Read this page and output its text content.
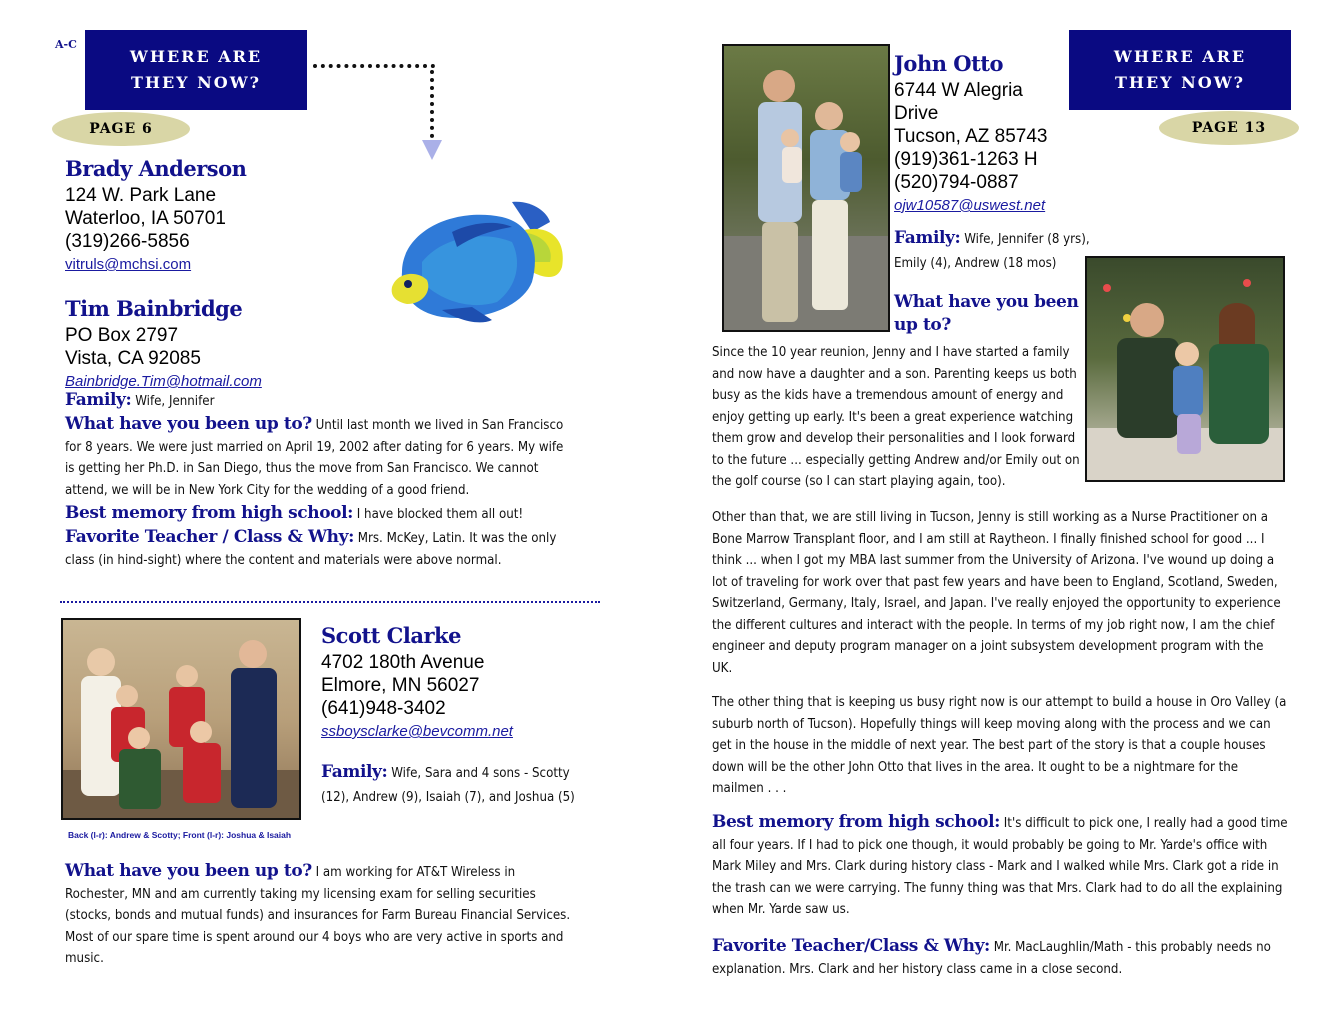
A-C
WHERE ARE
THEY NOW?
PAGE 6
Brady Anderson
124 W. Park Lane
Waterloo, IA 50701
(319)266-5856
vitruls@mchsi.com
Tim Bainbridge
PO Box 2797
Vista, CA 92085
Bainbridge.Tim@hotmail.com
Family: Wife, Jennifer
What have you been up to? Until last month we lived in San Francisco for 8 years. We were just married on April 19, 2002 after dating for 6 years. My wife is getting her Ph.D. in San Diego, thus the move from San Francisco. We cannot attend, we will be in New York City for the wedding of a good friend.
Best memory from high school: I have blocked them all out!
Favorite Teacher / Class & Why: Mrs. McKey, Latin. It was the only class (in hind-sight) where the content and materials were above normal.
Back (l-r): Andrew & Scotty; Front (l-r): Joshua & Isaiah
Scott Clarke
4702 180th Avenue
Elmore, MN 56027
(641)948-3402
ssboysclarke@bevcomm.net
Family: Wife, Sara and 4 sons - Scotty (12), Andrew (9), Isaiah (7), and Joshua (5)
What have you been up to? I am working for AT&T Wireless in Rochester, MN and am currently taking my licensing exam for selling securities (stocks, bonds and mutual funds) and insurances for Farm Bureau Financial Services. Most of our spare time is spent around our 4 boys who are very active in sports and music.
WHERE ARE
THEY NOW?
PAGE 13
John Otto
6744 W Alegria
Drive
Tucson, AZ 85743
(919)361-1263 H
(520)794-0887
ojw10587@uswest.net
Family: Wife, Jennifer (8 yrs), Emily (4), Andrew (18 mos)
What have you been up to?
Since the 10 year reunion, Jenny and I have started a family and now have a daughter and a son. Parenting keeps us both busy as the kids have a tremendous amount of energy and enjoy getting up early. It's been a great experience watching them grow and develop their personalities and I look forward to the future ... especially getting Andrew and/or Emily out on the golf course (so I can start playing again, too).
Other than that, we are still living in Tucson, Jenny is still working as a Nurse Practitioner on a Bone Marrow Transplant floor, and I am still at Raytheon. I finally finished school for good ... I think ... when I got my MBA last summer from the University of Arizona. I've wound up doing a lot of traveling for work over that past few years and have been to England, Scotland, Sweden, Switzerland, Germany, Italy, Israel, and Japan. I've really enjoyed the opportunity to experience the different cultures and interact with the people. In terms of my job right now, I am the chief engineer and deputy program manager on a joint subsystem development program with the UK.
The other thing that is keeping us busy right now is our attempt to build a house in Oro Valley (a suburb north of Tucson). Hopefully things will keep moving along with the process and we can get in the house in the middle of next year. The best part of the story is that a couple houses down will be the other John Otto that lives in the area. It ought to be a nightmare for the mailmen . . .
Best memory from high school: It's difficult to pick one, I really had a good time all four years. If I had to pick one though, it would probably be going to Mr. Yarde's office with Mark Miley and Mrs. Clark during history class - Mark and I walked while Mrs. Clark got a ride in the trash can we were carrying. The funny thing was that Mrs. Clark had to do all the explaining when Mr. Yarde saw us.
Favorite Teacher/Class & Why: Mr. MacLaughlin/Math - this probably needs no explanation. Mrs. Clark and her history class came in a close second.
